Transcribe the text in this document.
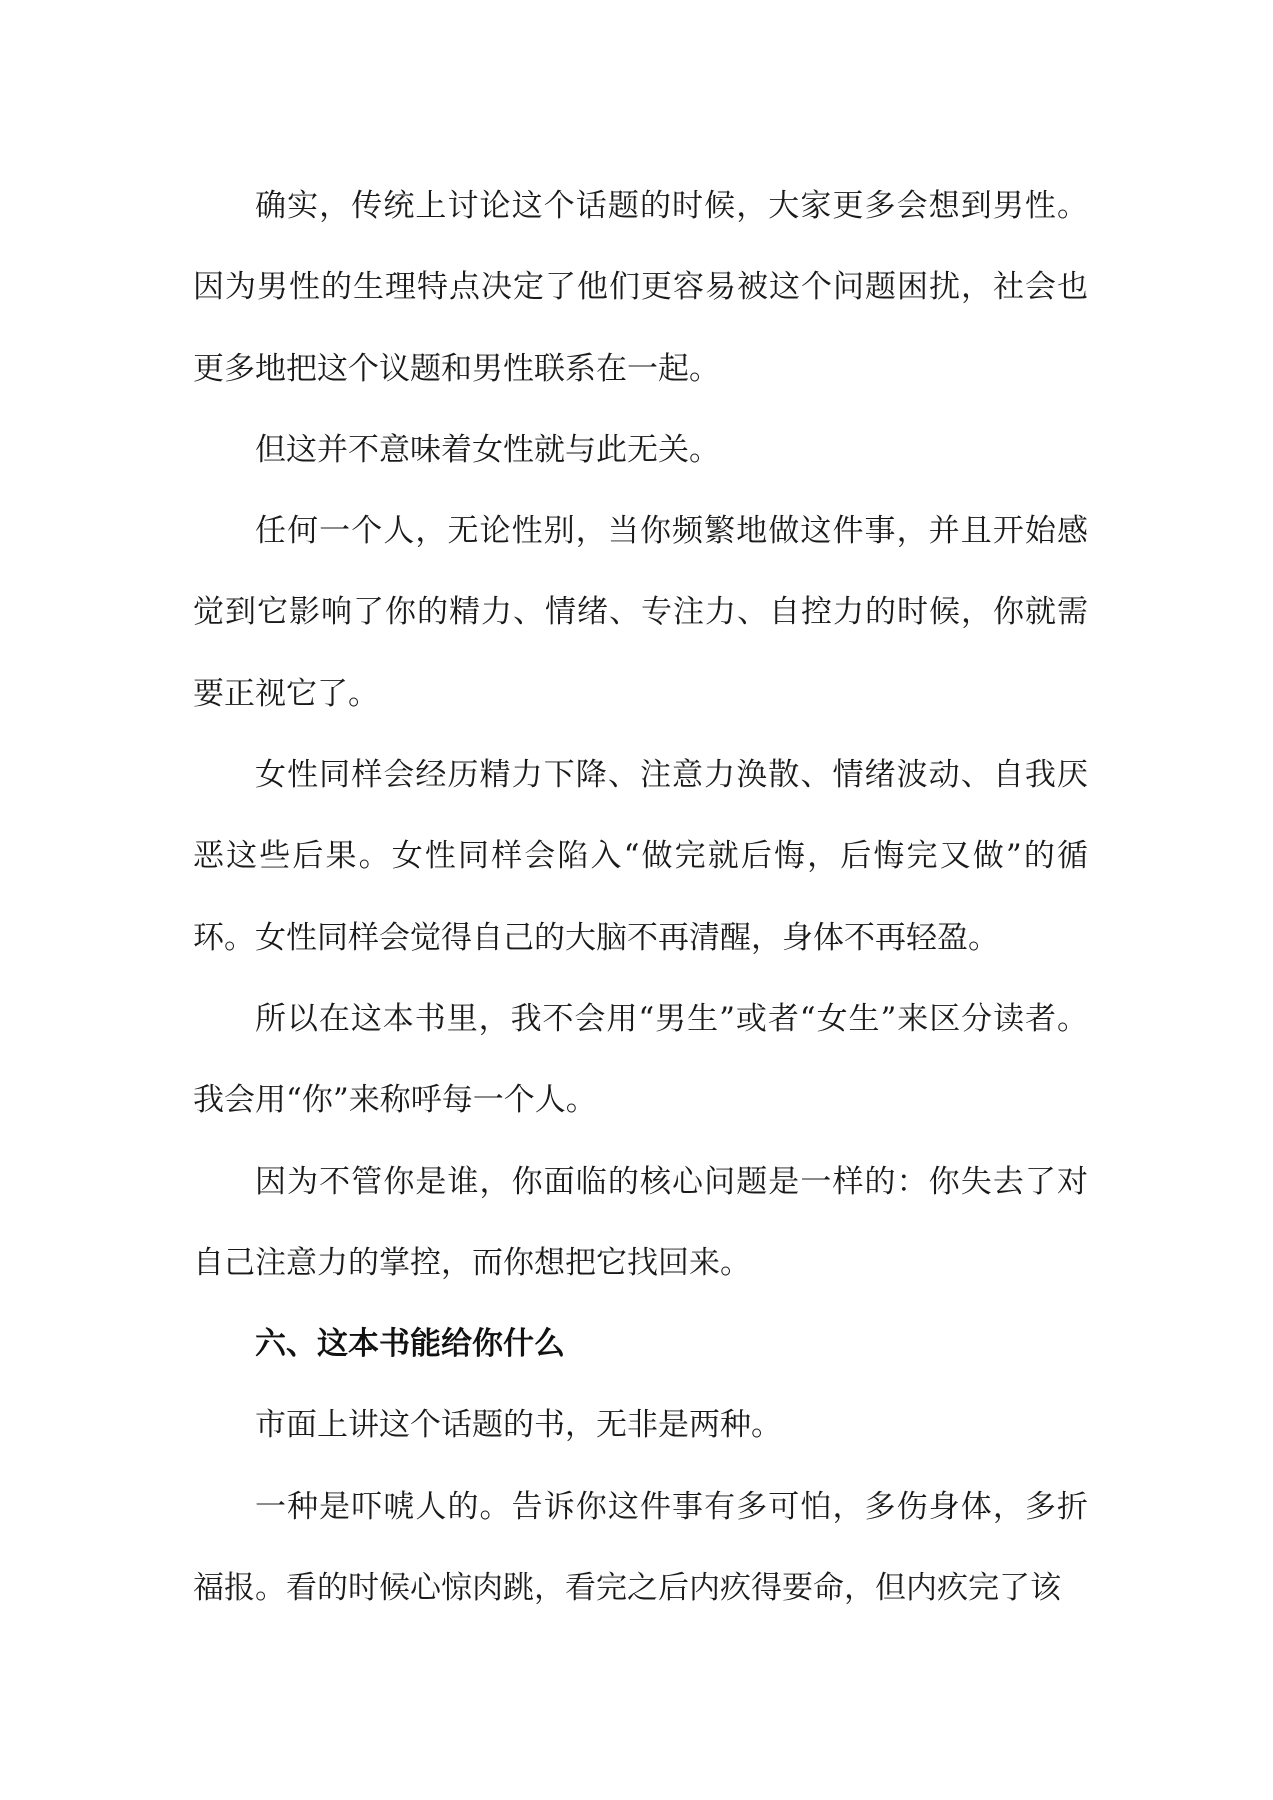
确实，传统上讨论这个话题的时候，大家更多会想到男性。因为男性的生理特点决定了他们更容易被这个问题困扰，社会也更多地把这个议题和男性联系在一起。

但这并不意味着女性就与此无关。

任何一个人，无论性别，当你频繁地做这件事，并且开始感觉到它影响了你的精力、情绪、专注力、自控力的时候，你就需要正视它了。

女性同样会经历精力下降、注意力涣散、情绪波动、自我厌恶这些后果。女性同样会陷入“做完就后悔，后悔完又做”的循环。女性同样会觉得自己的大脑不再清醒，身体不再轻盈。

所以在这本书里，我不会用“男生”或者“女生”来区分读者。我会用“你”来称呼每一个人。

因为不管你是谁，你面临的核心问题是一样的：你失去了对自己注意力的掌控，而你想把它找回来。

六、这本书能给你什么

市面上讲这个话题的书，无非是两种。

一种是吓唬人的。告诉你这件事有多可怕，多伤身体，多折福报。看的时候心惊肉跳，看完之后内疚得要命，但内疚完了该
